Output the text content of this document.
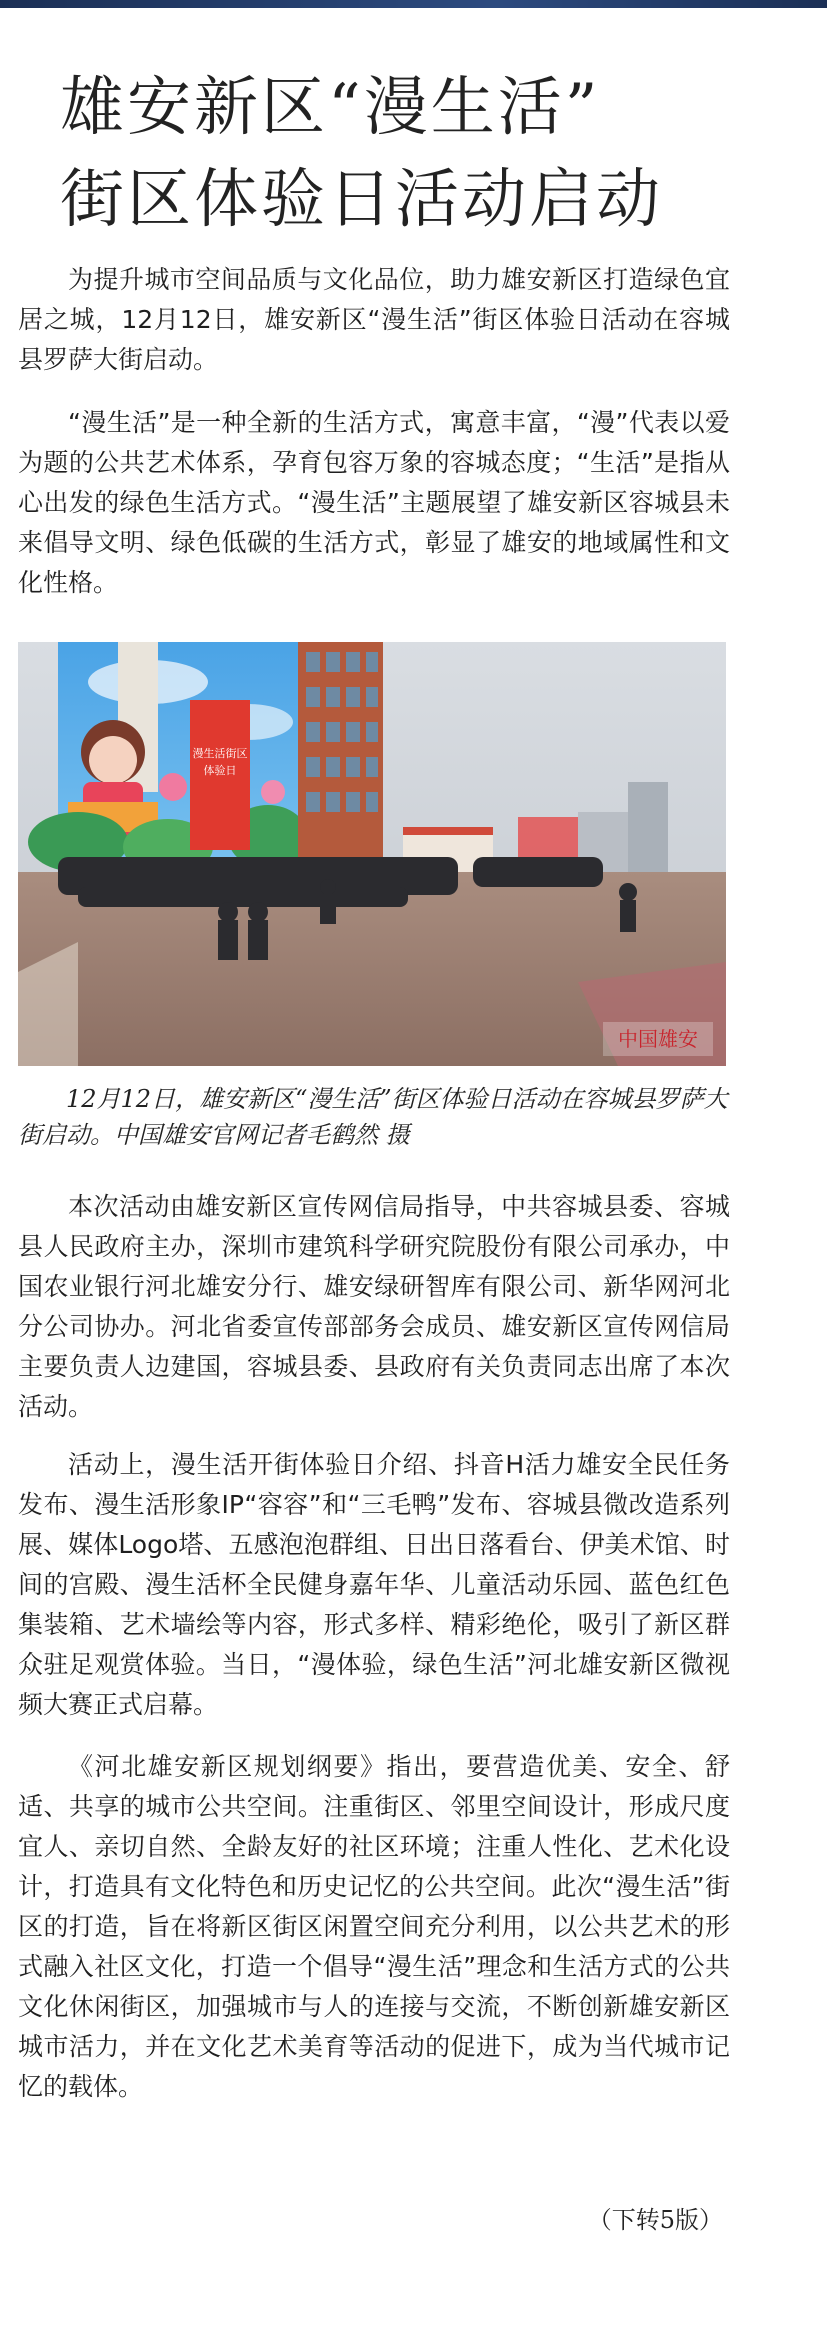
雄安新区“漫生活”
街区体验日活动启动

为提升城市空间品质与文化品位，助力雄安新区打造绿色宜居之城，12月12日，雄安新区“漫生活”街区体验日活动在容城县罗萨大街启动。

“漫生活”是一种全新的生活方式，寓意丰富，“漫”代表以爱为题的公共艺术体系，孕育包容万象的容城态度；“生活”是指从心出发的绿色生活方式。“漫生活”主题展望了雄安新区容城县未来倡导文明、绿色低碳的生活方式，彰显了雄安的地域属性和文化性格。

漫生活街区
体验日
中国雄安

12月12日，雄安新区“漫生活”街区体验日活动在容城县罗萨大街启动。中国雄安官网记者毛鹤然 摄

本次活动由雄安新区宣传网信局指导，中共容城县委、容城县人民政府主办，深圳市建筑科学研究院股份有限公司承办，中国农业银行河北雄安分行、雄安绿研智库有限公司、新华网河北分公司协办。河北省委宣传部部务会成员、雄安新区宣传网信局主要负责人边建国，容城县委、县政府有关负责同志出席了本次活动。

活动上，漫生活开街体验日介绍、抖音H活力雄安全民任务发布、漫生活形象IP“容容”和“三毛鸭”发布、容城县微改造系列展、媒体Logo塔、五感泡泡群组、日出日落看台、伊美术馆、时间的宫殿、漫生活杯全民健身嘉年华、儿童活动乐园、蓝色红色集装箱、艺术墙绘等内容，形式多样、精彩绝伦，吸引了新区群众驻足观赏体验。当日，“漫体验，绿色生活”河北雄安新区微视频大赛正式启幕。

《河北雄安新区规划纲要》指出，要营造优美、安全、舒适、共享的城市公共空间。注重街区、邻里空间设计，形成尺度宜人、亲切自然、全龄友好的社区环境；注重人性化、艺术化设计，打造具有文化特色和历史记忆的公共空间。此次“漫生活”街区的打造，旨在将新区街区闲置空间充分利用，以公共艺术的形式融入社区文化，打造一个倡导“漫生活”理念和生活方式的公共文化休闲街区，加强城市与人的连接与交流，不断创新雄安新区城市活力，并在文化艺术美育等活动的促进下，成为当代城市记忆的载体。

（下转5版）
